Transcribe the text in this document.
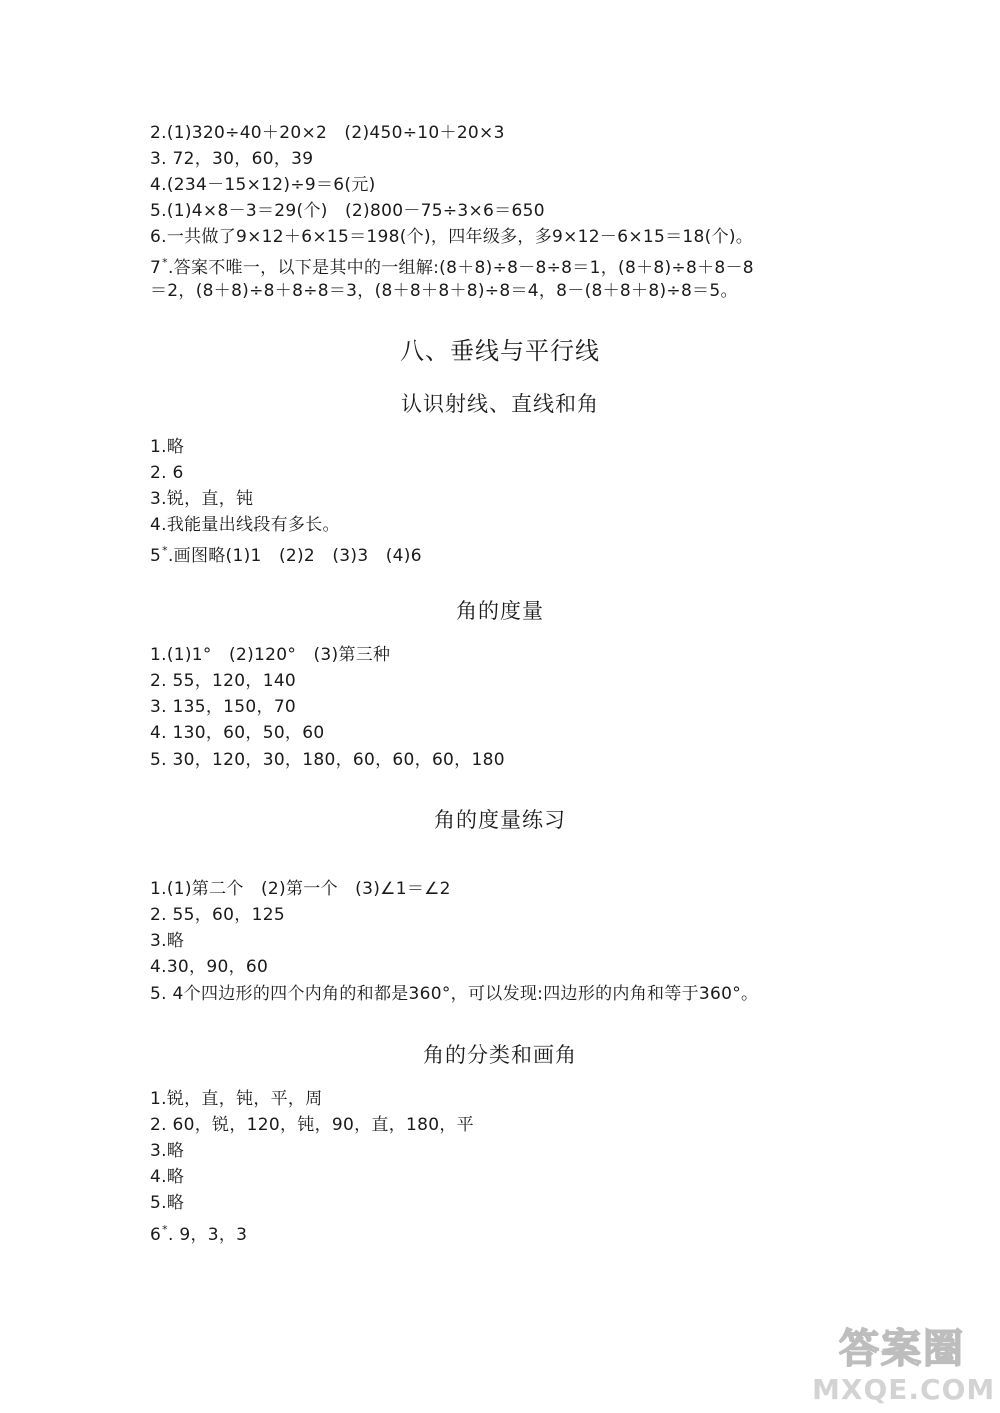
2.(1)320÷40＋20×2　(2)450÷10＋20×3

3. 72，30，60，39

4.(234－15×12)÷9＝6(元)

5.(1)4×8－3＝29(个)　(2)800－75÷3×6＝650

6.一共做了9×12＋6×15＝198(个)，四年级多，多9×12－6×15＝18(个)。

7*.答案不唯一，以下是其中的一组解:(8＋8)÷8－8÷8＝1，(8＋8)÷8＋8－8

＝2，(8＋8)÷8＋8÷8＝3，(8＋8＋8＋8)÷8＝4，8－(8＋8＋8)÷8＝5。

八、垂线与平行线
认识射线、直线和角

1.略

2. 6

3.锐，直，钝

4.我能量出线段有多长。

5*.画图略(1)1　(2)2　(3)3　(4)6

角的度量

1.(1)1°　(2)120°　(3)第三种

2. 55，120，140

3. 135，150，70

4. 130，60，50，60

5. 30，120，30，180，60，60，60，180

角的度量练习

1.(1)第二个　(2)第一个　(3)∠1＝∠2

2. 55，60，125

3.略

4.30，90，60

5. 4个四边形的四个内角的和都是360°，可以发现:四边形的内角和等于360°。

角的分类和画角

1.锐，直，钝，平，周

2. 60，锐，120，钝，90，直，180，平

3.略

4.略

5.略

6*. 9，3，3

答案圈
MXQE.COM
